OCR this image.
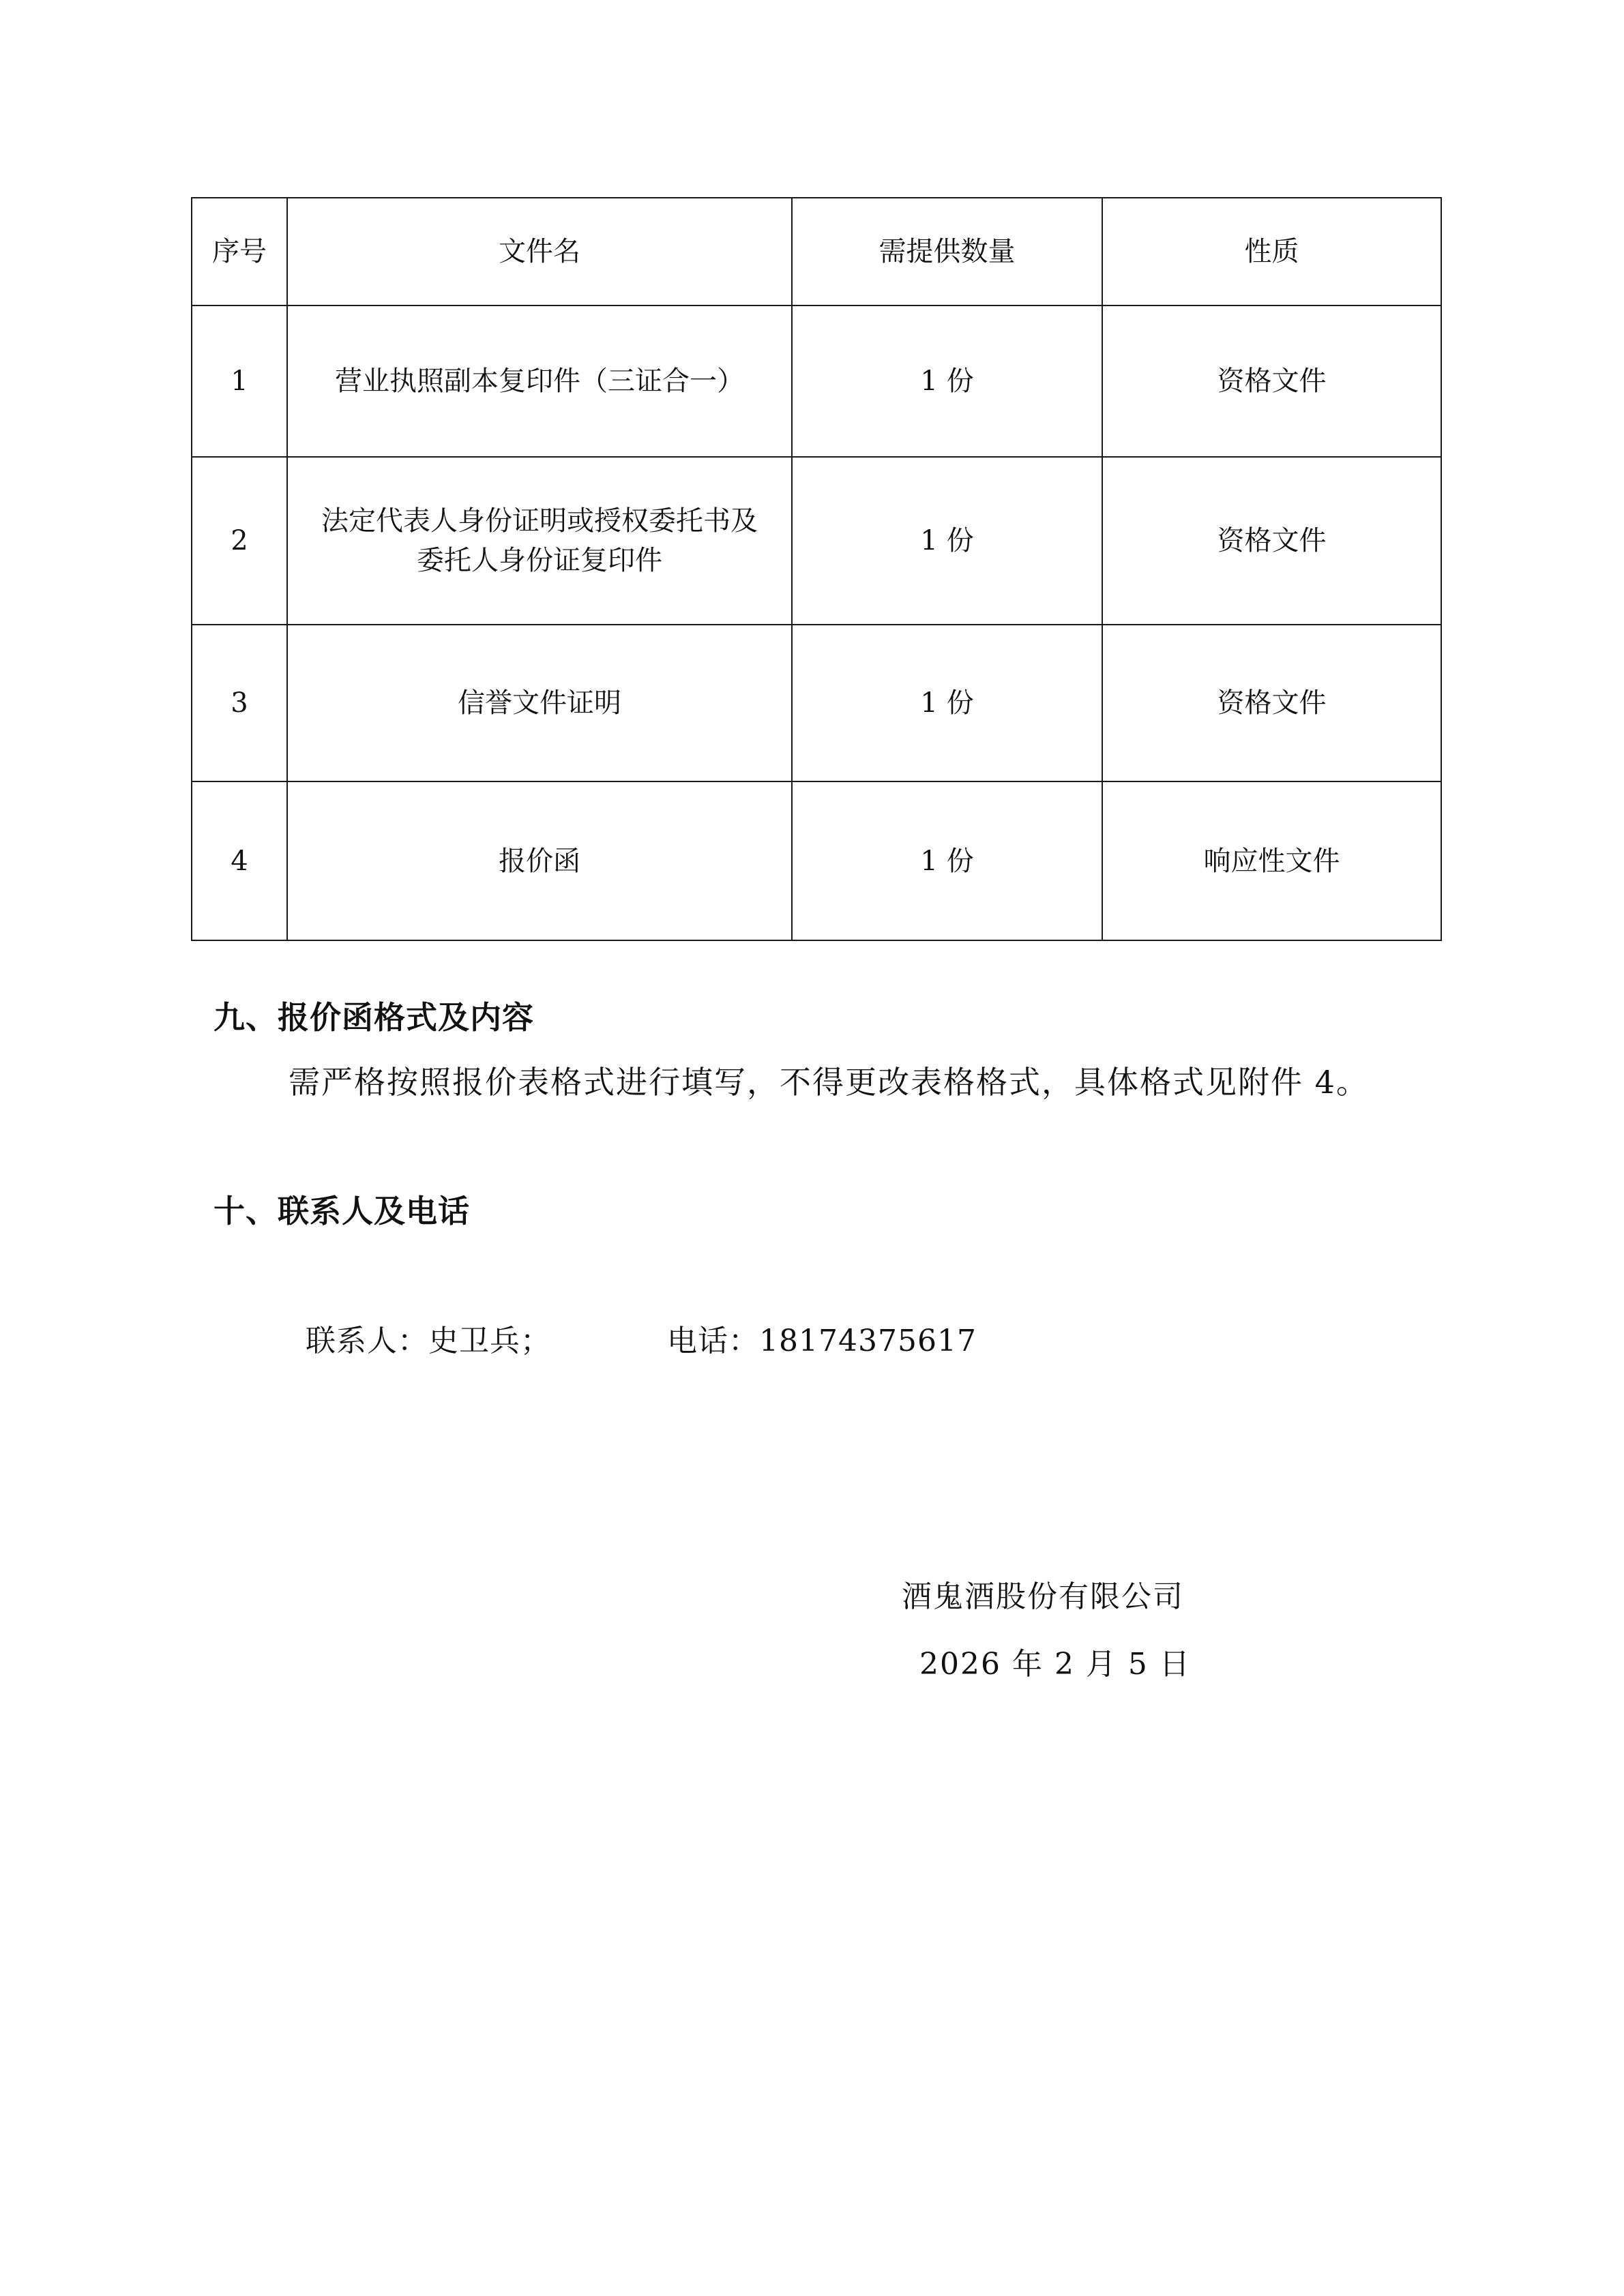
序号	文件名	需提供数量	性质
1	营业执照副本复印件（三证合一）	1 份	资格文件
2	法定代表人身份证明或授权委托书及
委托人身份证复印件	1 份	资格文件
3	信誉文件证明	1 份	资格文件
4	报价函	1 份	响应性文件
九、报价函格式及内容
需严格按照报价表格式进行填写，不得更改表格格式，具体格式见附件 4。
十、联系人及电话
联系人：史卫兵；	电话：18174375617
酒鬼酒股份有限公司
2026 年 2 月 5 日
